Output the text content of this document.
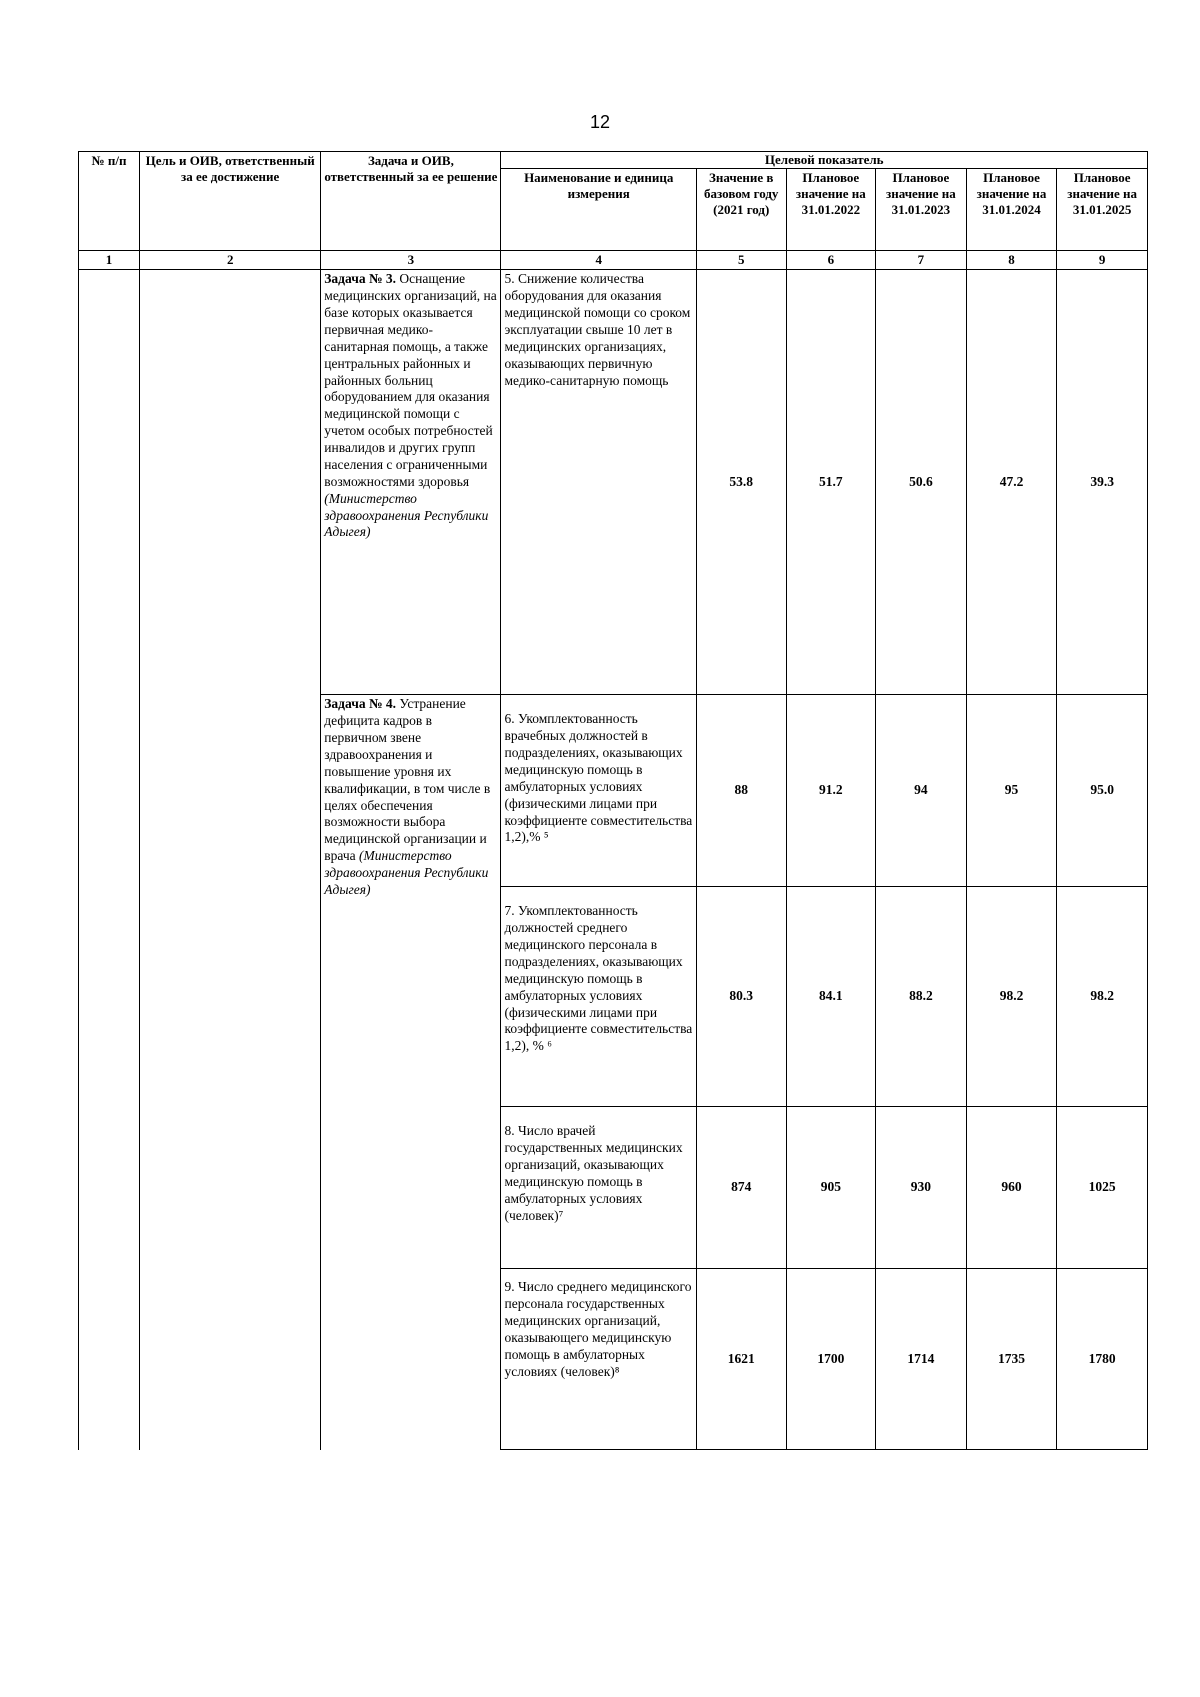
12
№ п/п	Цель и ОИВ, ответственный за ее достижение	Задача и ОИВ, ответственный за ее решение	Целевой показатель					
			Наименование и единица измерения	Значение в базовом году (2021 год)	Плановое значение на 31.01.2022	Плановое значение на 31.01.2023	Плановое значение на 31.01.2024	Плановое значение на 31.01.2025
1	2	3	4	5	6	7	8	9
		Задача № 3. Оснащение медицинских организаций, на базе которых оказывается первичная медико-санитарная помощь, а также центральных районных и районных больниц оборудованием для оказания медицинской помощи с учетом особых потребностей инвалидов и других групп населения с ограниченными возможностями здоровья (Министерство здравоохранения Республики Адыгея)	5. Снижение количества оборудования для оказания медицинской помощи со сроком эксплуатации свыше 10 лет в медицинских организациях, оказывающих первичную медико-санитарную помощь	53.8	51.7	50.6	47.2	39.3
		Задача № 4. Устранение дефицита кадров в первичном звене здравоохранения и повышение уровня их квалификации, в том числе в целях обеспечения возможности выбора медицинской организации и врача (Министерство здравоохранения Республики Адыгея)	6. Укомплектованность врачебных должностей в подразделениях, оказывающих медицинскую помощь в амбулаторных условиях (физическими лицами при коэффициенте совместительства 1,2),% ⁵	88	91.2	94	95	95.0
			7. Укомплектованность должностей среднего медицинского персонала в подразделениях, оказывающих медицинскую помощь в амбулаторных условиях (физическими лицами при коэффициенте совместительства 1,2), % ⁶	80.3	84.1	88.2	98.2	98.2
			8. Число врачей государственных медицинских организаций, оказывающих медицинскую помощь в амбулаторных условиях (человек)⁷	874	905	930	960	1025
			9. Число среднего медицинского персонала государственных медицинских организаций, оказывающего медицинскую помощь в амбулаторных условиях (человек)⁸	1621	1700	1714	1735	1780
